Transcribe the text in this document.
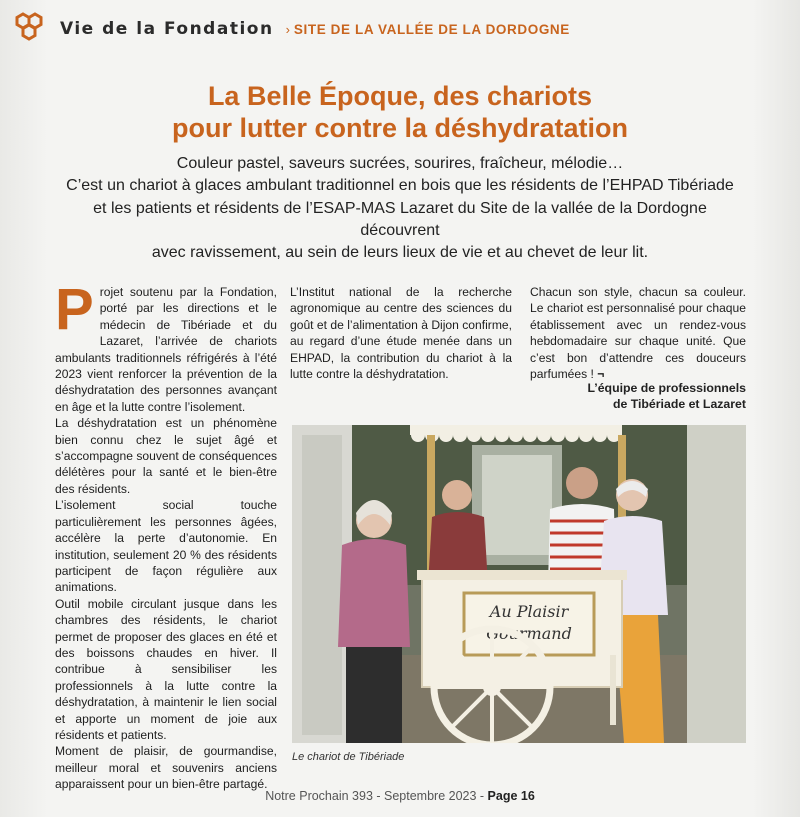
Vie de la Fondation › SITE DE LA VALLÉE DE LA DORDOGNE
La Belle Époque, des chariots
pour lutter contre la déshydratation
Couleur pastel, saveurs sucrées, sourires, fraîcheur, mélodie…
C’est un chariot à glaces ambulant traditionnel en bois que les résidents de l’EHPAD Tibériade
et les patients et résidents de l’ESAP-MAS Lazaret du Site de la vallée de la Dordogne découvrent
avec ravissement, au sein de leurs lieux de vie et au chevet de leur lit.

Projet soutenu par la Fondation, porté par les directions et le médecin de Tibériade et du Lazaret, l’arrivée de chariots ambulants traditionnels réfrigérés à l’été 2023 vient renforcer la prévention de la déshydratation des personnes avançant en âge et la lutte contre l’isolement.

La déshydratation est un phénomène bien connu chez le sujet âgé et s’accompagne souvent de conséquences délétères pour la santé et le bien-être des résidents.

L’isolement social touche particulièrement les personnes âgées, accélère la perte d’autonomie. En institution, seulement 20 % des résidents participent de façon régulière aux animations.

Outil mobile circulant jusque dans les chambres des résidents, le chariot permet de proposer des glaces en été et des boissons chaudes en hiver. Il contribue à sensibiliser les professionnels à la lutte contre la déshydratation, à maintenir le lien social et apporte un moment de joie aux résidents et patients.

Moment de plaisir, de gourmandise, meilleur moral et souvenirs anciens apparaissent pour un bien-être partagé.

L’Institut national de la recherche agronomique au centre des sciences du goût et de l’alimentation à Dijon confirme, au regard d’une étude menée dans un EHPAD, la contribution du chariot à la lutte contre la déshydratation.

Chacun son style, chacun sa couleur. Le chariot est personnalisé pour chaque établissement avec un rendez-vous hebdomadaire sur chaque unité. Que c’est bon d’attendre ces douceurs parfumées ! ¬

L’équipe de professionnels
de Tibériade et Lazaret
Au Plaisir
Gourmand
Le chariot de Tibériade
Notre Prochain 393 - Septembre 2023 - Page 16
